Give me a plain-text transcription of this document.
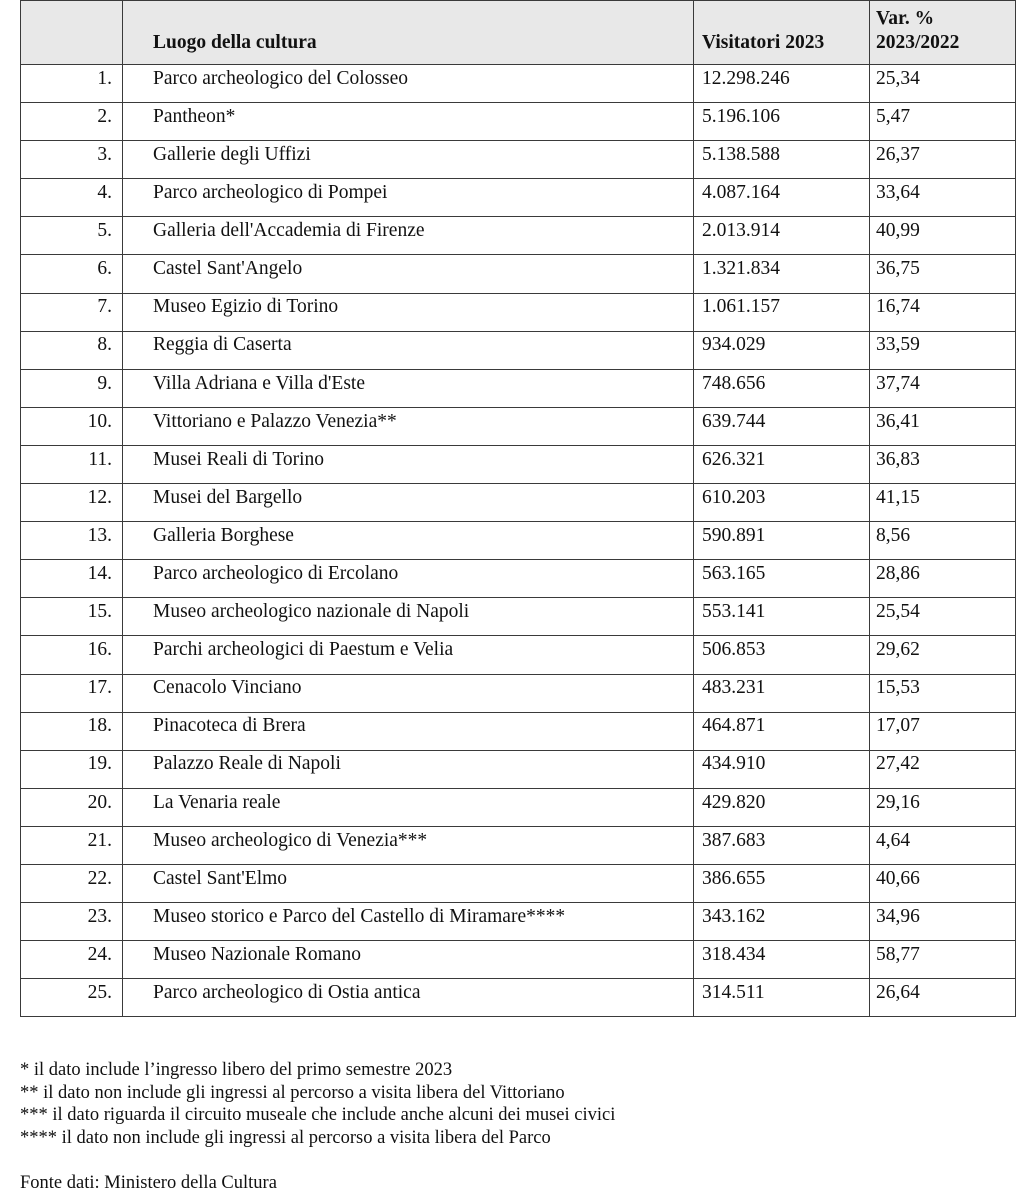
	Luogo della cultura	Visitatori 2023	Var. %
2023/2022
1.	Parco archeologico del Colosseo	12.298.246	25,34
2.	Pantheon*	5.196.106	5,47
3.	Gallerie degli Uffizi	5.138.588	26,37
4.	Parco archeologico di Pompei	4.087.164	33,64
5.	Galleria dell'Accademia di Firenze	2.013.914	40,99
6.	Castel Sant'Angelo	1.321.834	36,75
7.	Museo Egizio di Torino	1.061.157	16,74
8.	Reggia di Caserta	934.029	33,59
9.	Villa Adriana e Villa d'Este	748.656	37,74
10.	Vittoriano e Palazzo Venezia**	639.744	36,41
11.	Musei Reali di Torino	626.321	36,83
12.	Musei del Bargello	610.203	41,15
13.	Galleria Borghese	590.891	8,56
14.	Parco archeologico di Ercolano	563.165	28,86
15.	Museo archeologico nazionale di Napoli	553.141	25,54
16.	Parchi archeologici di Paestum e Velia	506.853	29,62
17.	Cenacolo Vinciano	483.231	15,53
18.	Pinacoteca di Brera	464.871	17,07
19.	Palazzo Reale di Napoli	434.910	27,42
20.	La Venaria reale	429.820	29,16
21.	Museo archeologico di Venezia***	387.683	4,64
22.	Castel Sant'Elmo	386.655	40,66
23.	Museo storico e Parco del Castello di Miramare****	343.162	34,96
24.	Museo Nazionale Romano	318.434	58,77
25.	Parco archeologico di Ostia antica	314.511	26,64

* il dato include l’ingresso libero del primo semestre 2023

** il dato non include gli ingressi al percorso a visita libera del Vittoriano

*** il dato riguarda il circuito museale che include anche alcuni dei musei civici

**** il dato non include gli ingressi al percorso a visita libera del Parco

Fonte dati: Ministero della Cultura
